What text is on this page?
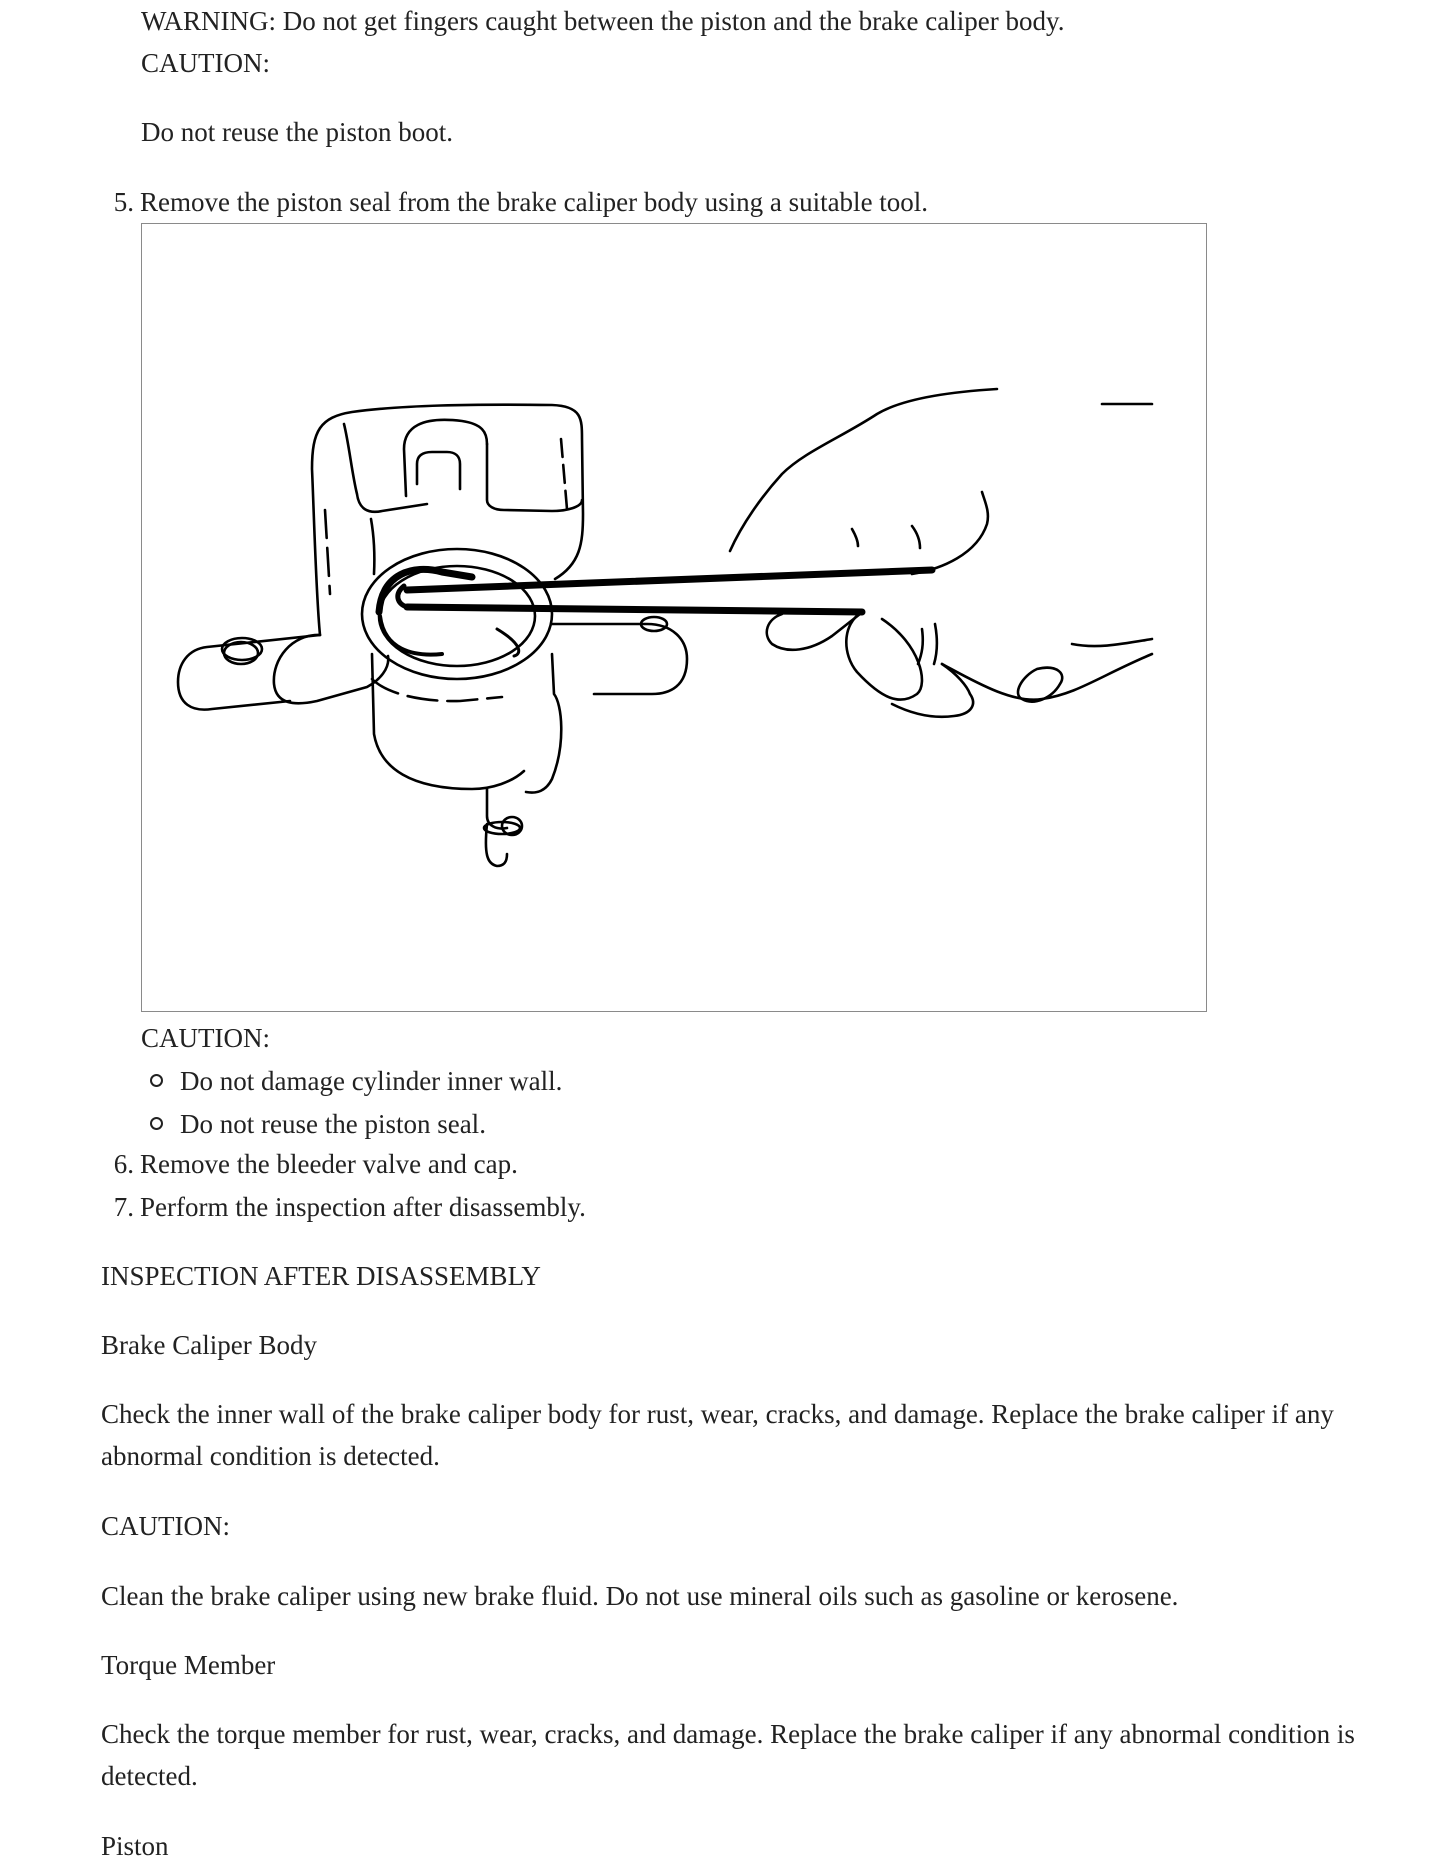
WARNING: Do not get fingers caught between the piston and the brake caliper body.
CAUTION:
Do not reuse the piston boot.
5. Remove the piston seal from the brake caliper body using a suitable tool.
CAUTION:
Do not damage cylinder inner wall.
Do not reuse the piston seal.
6. Remove the bleeder valve and cap.
7. Perform the inspection after disassembly.
INSPECTION AFTER DISASSEMBLY
Brake Caliper Body
Check the inner wall of the brake caliper body for rust, wear, cracks, and damage. Replace the brake caliper if any abnormal condition is detected.
CAUTION:
Clean the brake caliper using new brake fluid. Do not use mineral oils such as gasoline or kerosene.
Torque Member
Check the torque member for rust, wear, cracks, and damage. Replace the brake caliper if any abnormal condition is detected.
Piston
